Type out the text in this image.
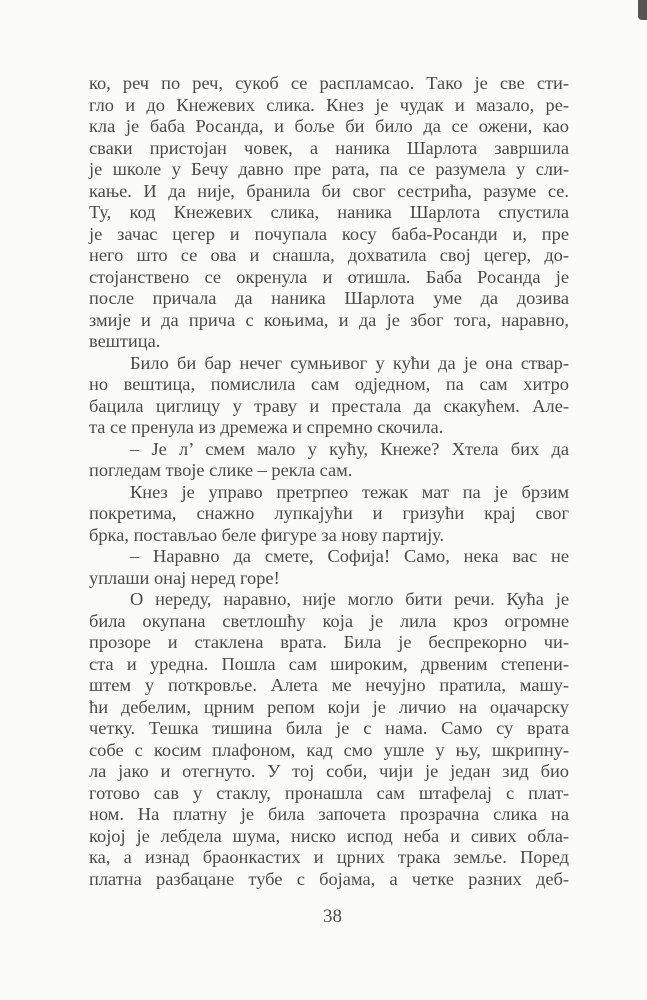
ко, реч по реч, сукоб се распламсао. Тако је све сти-
гло и до Кнежевих слика. Кнез је чудак и мазало, ре-
кла је баба Росанда, и боље би било да се ожени, као
сваки пристојан човек, а наника Шарлота завршила
је школе у Бечу давно пре рата, па се разумела у сли-
кање. И да није, бранила би свог сестрића, разуме се.
Ту, код Кнежевих слика, наника Шарлота спустила
је зачас цегер и почупала косу баба-Росанди и, пре
него што се ова и снашла, дохватила свој цегер, до-
стојанствено се окренула и отишла. Баба Росанда је
после причала да наника Шарлота уме да дозива
змије и да прича с коњима, и да је због тога, наравно,
вештица.
Било би бар нечег сумњивог у кући да је она ствар-
но вештица, помислила сам одједном, па сам хитро
бацила циглицу у траву и престала да скакућем. Але-
та се пренула из дремежа и спремно скочила.
– Је л’ смем мало у кућу, Кнеже? Хтела бих да
погледам твоје слике – рекла сам.
Кнез је управо претрпео тежак мат па је брзим
покретима, снажно лупкајући и гризући крај свог
брка, постављао беле фигуре за нову партију.
– Наравно да смете, Софија! Само, нека вас не
уплаши онај неред горе!
О нереду, наравно, није могло бити речи. Кућа је
била окупана светлошћу која је лила кроз огромне
прозоре и стаклена врата. Била је беспрекорно чи-
ста и уредна. Пошла сам широким, дрвеним степени-
штем у поткровље. Алета ме нечујно пратила, машу-
ћи дебелим, црним репом који је личио на оџачарску
четку. Тешка тишина била је с нама. Само су врата
собе с косим плафоном, кад смо ушле у њу, шкрипну-
ла јако и отегнуто. У тој соби, чији је један зид био
готово сав у стаклу, пронашла сам штафелај с плат-
ном. На платну је била започета прозрачна слика на
којој је лебдела шума, ниско испод неба и сивих обла-
ка, а изнад браонкастих и црних трака земље. Поред
платна разбацане тубе с бојама, а четке разних деб-
38
